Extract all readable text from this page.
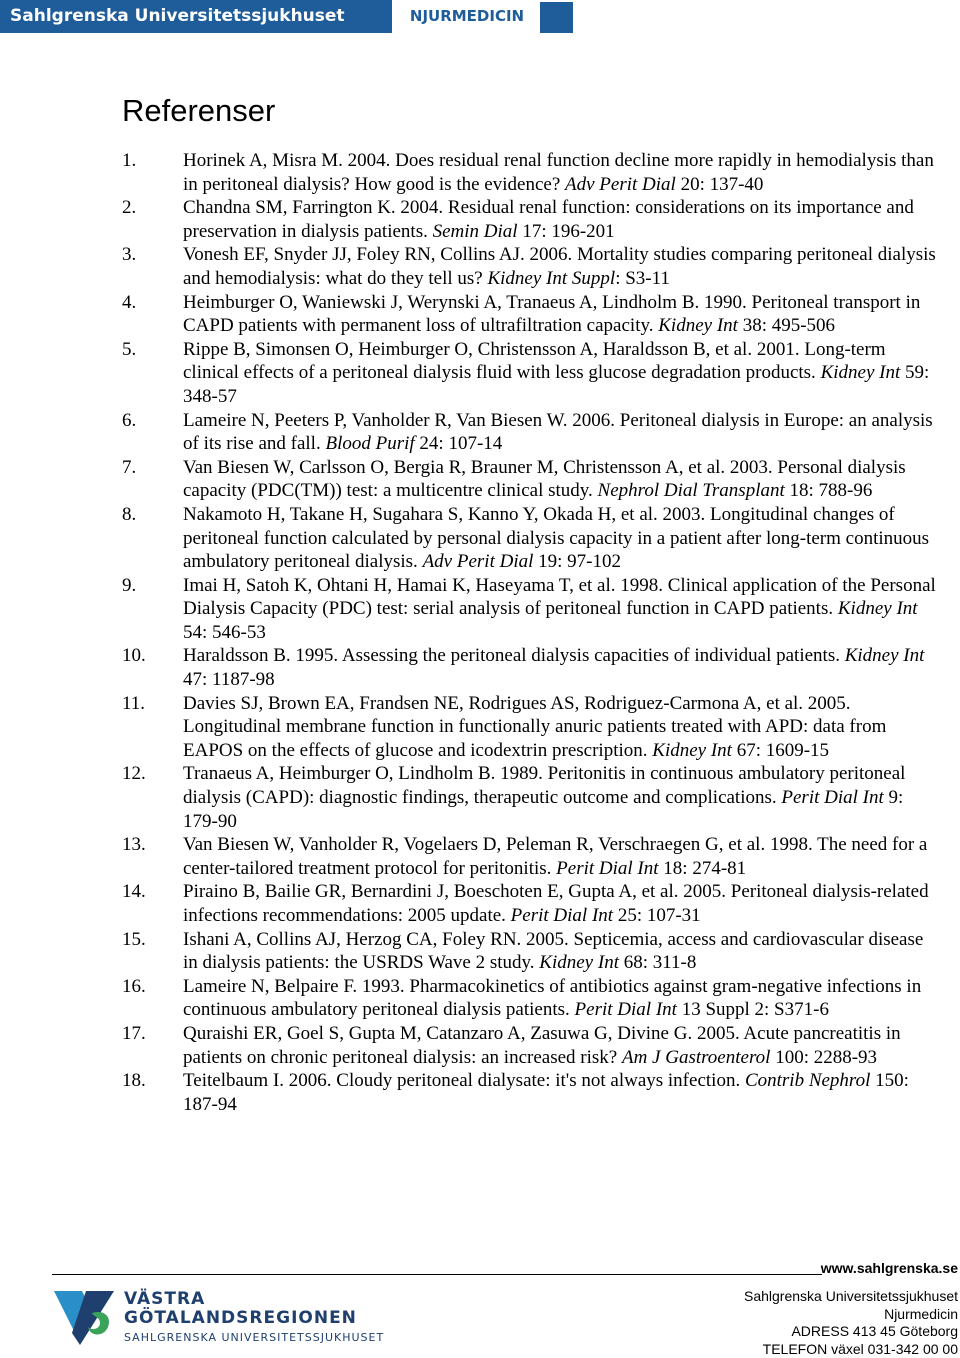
Sahlgrenska Universitetssjukhuset	NJURMEDICIN
Referenser
1. Horinek A, Misra M. 2004. Does residual renal function decline more rapidly in hemodialysis than in peritoneal dialysis? How good is the evidence? Adv Perit Dial 20: 137-40
2. Chandna SM, Farrington K. 2004. Residual renal function: considerations on its importance and preservation in dialysis patients. Semin Dial 17: 196-201
3. Vonesh EF, Snyder JJ, Foley RN, Collins AJ. 2006. Mortality studies comparing peritoneal dialysis and hemodialysis: what do they tell us? Kidney Int Suppl: S3-11
4. Heimburger O, Waniewski J, Werynski A, Tranaeus A, Lindholm B. 1990. Peritoneal transport in CAPD patients with permanent loss of ultrafiltration capacity. Kidney Int 38: 495-506
5. Rippe B, Simonsen O, Heimburger O, Christensson A, Haraldsson B, et al. 2001. Long-term clinical effects of a peritoneal dialysis fluid with less glucose degradation products. Kidney Int 59: 348-57
6. Lameire N, Peeters P, Vanholder R, Van Biesen W. 2006. Peritoneal dialysis in Europe: an analysis of its rise and fall. Blood Purif 24: 107-14
7. Van Biesen W, Carlsson O, Bergia R, Brauner M, Christensson A, et al. 2003. Personal dialysis capacity (PDC(TM)) test: a multicentre clinical study. Nephrol Dial Transplant 18: 788-96
8. Nakamoto H, Takane H, Sugahara S, Kanno Y, Okada H, et al. 2003. Longitudinal changes of peritoneal function calculated by personal dialysis capacity in a patient after long-term continuous ambulatory peritoneal dialysis. Adv Perit Dial 19: 97-102
9. Imai H, Satoh K, Ohtani H, Hamai K, Haseyama T, et al. 1998. Clinical application of the Personal Dialysis Capacity (PDC) test: serial analysis of peritoneal function in CAPD patients. Kidney Int 54: 546-53
10. Haraldsson B. 1995. Assessing the peritoneal dialysis capacities of individual patients. Kidney Int 47: 1187-98
11. Davies SJ, Brown EA, Frandsen NE, Rodrigues AS, Rodriguez-Carmona A, et al. 2005. Longitudinal membrane function in functionally anuric patients treated with APD: data from EAPOS on the effects of glucose and icodextrin prescription. Kidney Int 67: 1609-15
12. Tranaeus A, Heimburger O, Lindholm B. 1989. Peritonitis in continuous ambulatory peritoneal dialysis (CAPD): diagnostic findings, therapeutic outcome and complications. Perit Dial Int 9: 179-90
13. Van Biesen W, Vanholder R, Vogelaers D, Peleman R, Verschraegen G, et al. 1998. The need for a center-tailored treatment protocol for peritonitis. Perit Dial Int 18: 274-81
14. Piraino B, Bailie GR, Bernardini J, Boeschoten E, Gupta A, et al. 2005. Peritoneal dialysis-related infections recommendations: 2005 update. Perit Dial Int 25: 107-31
15. Ishani A, Collins AJ, Herzog CA, Foley RN. 2005. Septicemia, access and cardiovascular disease in dialysis patients: the USRDS Wave 2 study. Kidney Int 68: 311-8
16. Lameire N, Belpaire F. 1993. Pharmacokinetics of antibiotics against gram-negative infections in continuous ambulatory peritoneal dialysis patients. Perit Dial Int 13 Suppl 2: S371-6
17. Quraishi ER, Goel S, Gupta M, Catanzaro A, Zasuwa G, Divine G. 2005. Acute pancreatitis in patients on chronic peritoneal dialysis: an increased risk? Am J Gastroenterol 100: 2288-93
18. Teitelbaum I. 2006. Cloudy peritoneal dialysate: it's not always infection. Contrib Nephrol 150: 187-94
www.sahlgrenska.se
VÄSTRA
GÖTALANDSREGIONEN
SAHLGRENSKA UNIVERSITETSSJUKHUSET
Sahlgrenska Universitetssjukhuset
Njurmedicin
ADRESS 413 45 Göteborg
TELEFON växel 031-342 00 00
